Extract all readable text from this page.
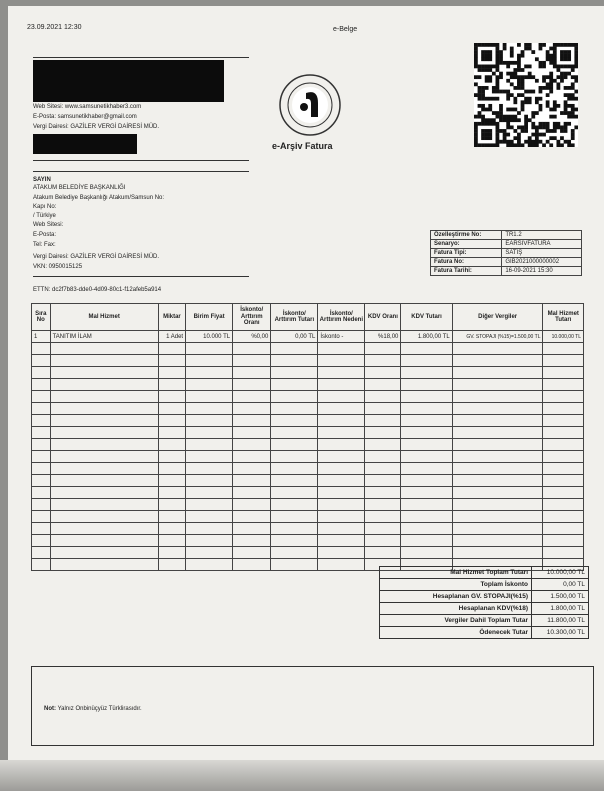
23.09.2021 12:30	e-Belge
Web Sitesi: www.samsunetikhaber3.com
E-Posta: samsunetikhaber@gmail.com
Vergi Dairesi: GAZİLER VERGİ DAİRESİ MÜD.
e-Arşiv Fatura
SAYIN
ATAKUM BELEDİYE BAŞKANLIĞI
Atakum Belediye Başkanlığı Atakum/Samsun No:
Kapı No:
/ Türkiye
Web Sitesi:
E-Posta:
Tel: Fax:
Vergi Dairesi: GAZİLER VERGİ DAİRESİ MÜD.
VKN: 0950015125
Özelleştirme No:	TR1.2
Senaryo:	EARSIVFATURA
Fatura Tipi:	SATIŞ
Fatura No:	GIB2021000000002
Fatura Tarihi:	16-09-2021 15:30
ETTN: dc2f7b83-dde0-4d09-80c1-f12afeb5a914
Sıra No	Mal Hizmet	Miktar	Birim Fiyat	İskonto/ Arttırım Oranı	İskonto/ Arttırım Tutarı	İskonto/ Arttırım Nedeni	KDV Oranı	KDV Tutarı	Diğer Vergiler	Mal Hizmet Tutarı
1	TANITIM İLAM	1 Adet	10.000 TL	%0,00	0,00 TL	İskonto -	%18,00	1.800,00 TL	GV. STOPAJI (%15)=1.500,00 TL	10.000,00 TL

Mal Hizmet Toplam Tutarı	10.000,00 TL
Toplam İskonto	0,00 TL
Hesaplanan GV. STOPAJI(%15)	1.500,00 TL
Hesaplanan KDV(%18)	1.800,00 TL
Vergiler Dahil Toplam Tutar	11.800,00 TL
Ödenecek Tutar	10.300,00 TL
Not: Yalnız Onbinüçyüz Türklirasıdır.
